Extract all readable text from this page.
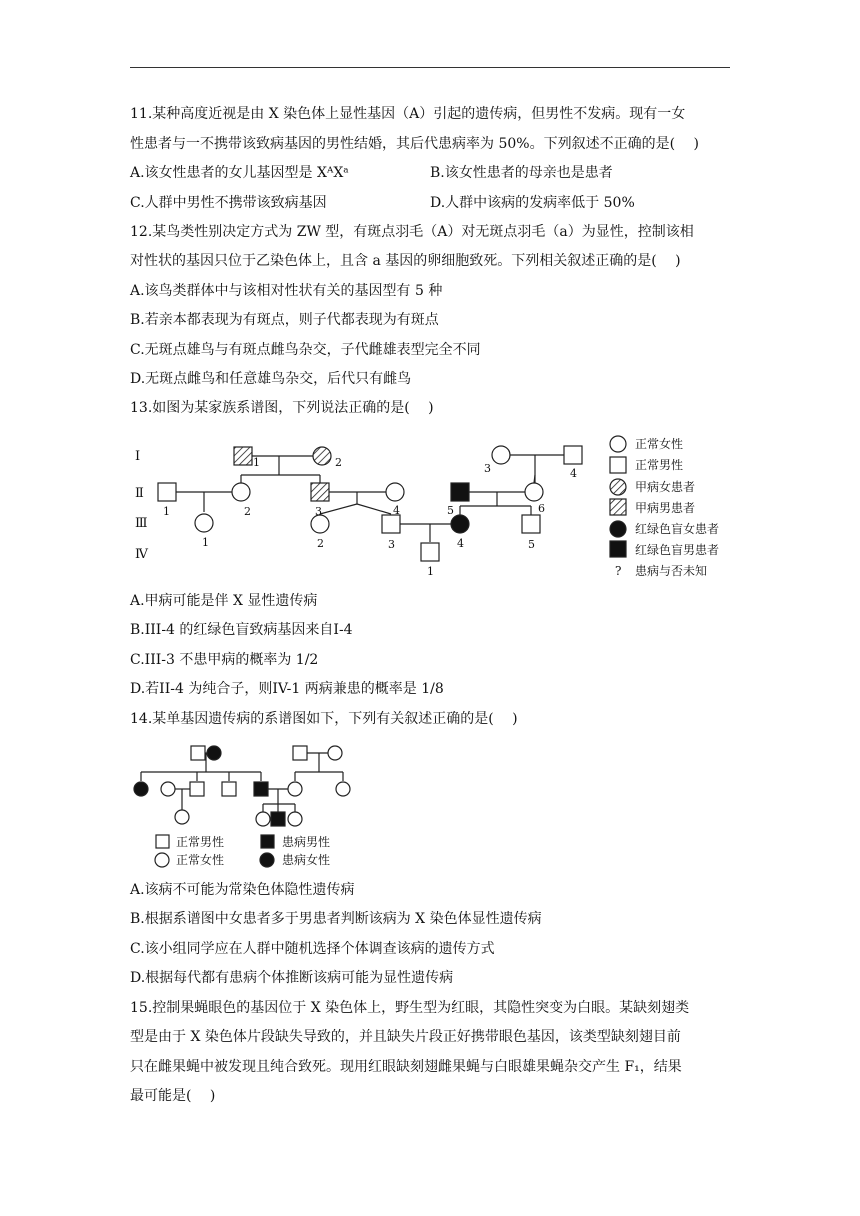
11.某种高度近视是由 X 染色体上显性基因（A）引起的遗传病，但男性不发病。现有一女
性患者与一不携带该致病基因的男性结婚，其后代患病率为 50%。下列叙述不正确的是(　 )
A.该女性患者的女儿基因型是 XᴬXᵃ	B.该女性患者的母亲也是患者
C.人群中男性不携带该致病基因	D.人群中该病的发病率低于 50%
12.某鸟类性别决定方式为 ZW 型，有斑点羽毛（A）对无斑点羽毛（a）为显性，控制该相
对性状的基因只位于乙染色体上，且含 a 基因的卵细胞致死。下列相关叙述正确的是(　 )
A.该鸟类群体中与该相对性状有关的基因型有 5 种
B.若亲本都表现为有斑点，则子代都表现为有斑点
C.无斑点雄鸟与有斑点雌鸟杂交，子代雌雄表型完全不同
D.无斑点雌鸟和任意雄鸟杂交，后代只有雌鸟
13.如图为某家族系谱图，下列说法正确的是(　 )
Ⅰ
Ⅱ
Ⅲ
Ⅳ
1	2	3	4
1	2	3	4	5	6
1	2	3	4	5
1
正常女性
正常男性
甲病女患者
甲病男患者
红绿色盲女患者
红绿色盲男患者
? 患病与否未知
A.甲病可能是伴 X 显性遗传病
B.III-4 的红绿色盲致病基因来自I-4
C.III-3 不患甲病的概率为 1/2
D.若II-4 为纯合子，则IV-1 两病兼患的概率是 1/8
14.某单基因遗传病的系谱图如下，下列有关叙述正确的是(　 )
正常男性	患病男性
正常女性	患病女性
A.该病不可能为常染色体隐性遗传病
B.根据系谱图中女患者多于男患者判断该病为 X 染色体显性遗传病
C.该小组同学应在人群中随机选择个体调查该病的遗传方式
D.根据每代都有患病个体推断该病可能为显性遗传病
15.控制果蝇眼色的基因位于 X 染色体上，野生型为红眼，其隐性突变为白眼。某缺刻翅类
型是由于 X 染色体片段缺失导致的，并且缺失片段正好携带眼色基因，该类型缺刻翅目前
只在雌果蝇中被发现且纯合致死。现用红眼缺刻翅雌果蝇与白眼雄果蝇杂交产生 F₁，结果
最可能是(　 )
